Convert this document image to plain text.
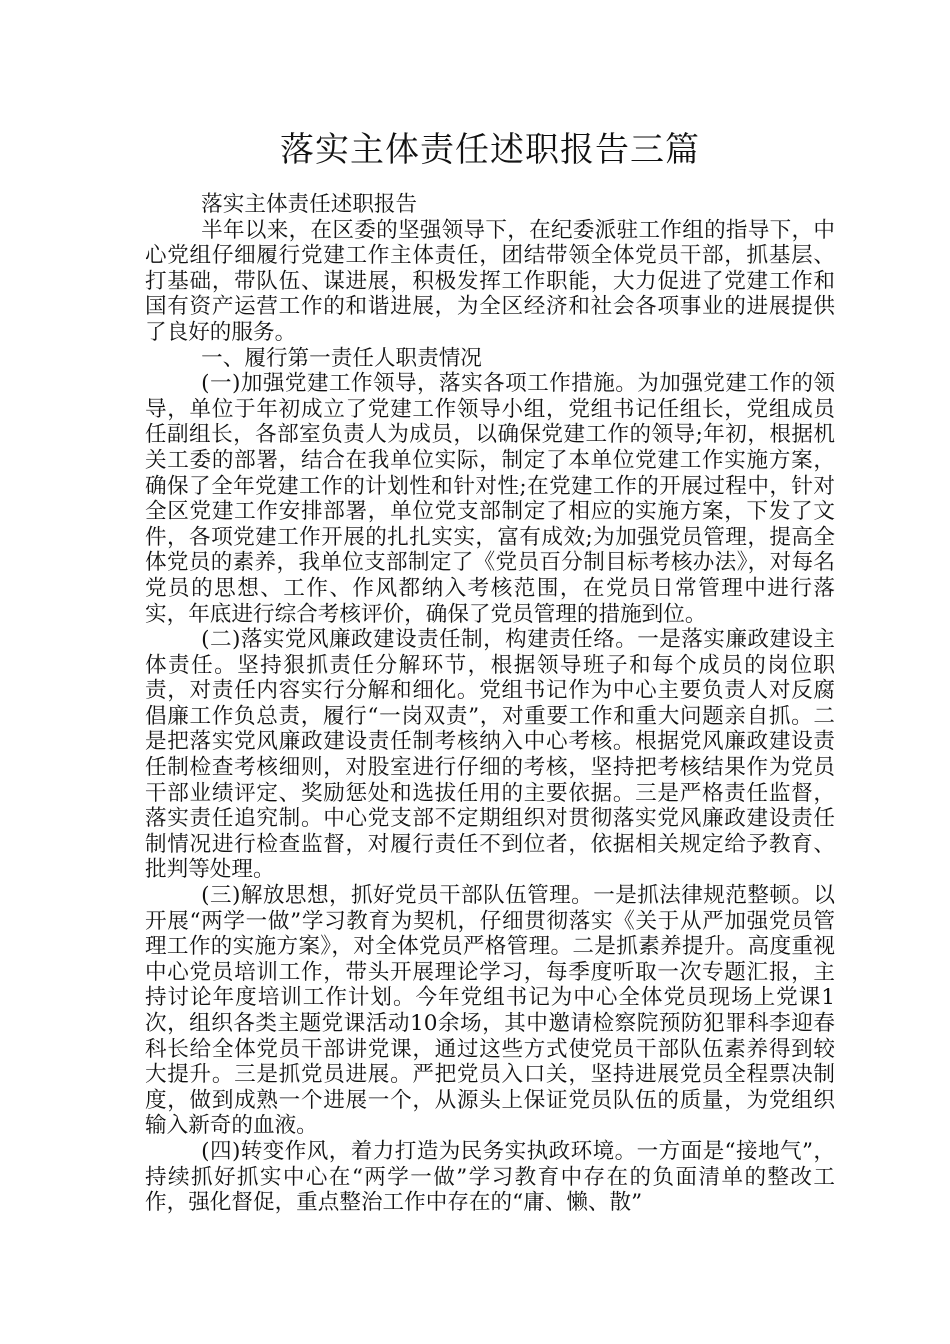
落实主体责任述职报告三篇

落实主体责任述职报告

半年以来，在区委的坚强领导下，在纪委派驻工作组的指导下，中心党组仔细履行党建工作主体责任，团结带领全体党员干部，抓基层、打基础，带队伍、谋进展，积极发挥工作职能，大力促进了党建工作和国有资产运营工作的和谐进展，为全区经济和社会各项事业的进展提供了良好的服务。

一、履行第一责任人职责情况

(一)加强党建工作领导，落实各项工作措施。为加强党建工作的领导，单位于年初成立了党建工作领导小组，党组书记任组长，党组成员任副组长，各部室负责人为成员，以确保党建工作的领导;年初，根据机关工委的部署，结合在我单位实际，制定了本单位党建工作实施方案，确保了全年党建工作的计划性和针对性;在党建工作的开展过程中，针对全区党建工作安排部署，单位党支部制定了相应的实施方案，下发了文件，各项党建工作开展的扎扎实实，富有成效;为加强党员管理，提高全体党员的素养，我单位支部制定了《党员百分制目标考核办法》，对每名党员的思想、工作、作风都纳入考核范围，在党员日常管理中进行落实，年底进行综合考核评价，确保了党员管理的措施到位。

(二)落实党风廉政建设责任制，构建责任络。一是落实廉政建设主体责任。坚持狠抓责任分解环节，根据领导班子和每个成员的岗位职责，对责任内容实行分解和细化。党组书记作为中心主要负责人对反腐倡廉工作负总责，履行“一岗双责”，对重要工作和重大问题亲自抓。二是把落实党风廉政建设责任制考核纳入中心考核。根据党风廉政建设责任制检查考核细则，对股室进行仔细的考核，坚持把考核结果作为党员干部业绩评定、奖励惩处和选拔任用的主要依据。三是严格责任监督，落实责任追究制。中心党支部不定期组织对贯彻落实党风廉政建设责任制情况进行检查监督，对履行责任不到位者，依据相关规定给予教育、批判等处理。

(三)解放思想，抓好党员干部队伍管理。一是抓法律规范整顿。以开展“两学一做”学习教育为契机，仔细贯彻落实《关于从严加强党员管理工作的实施方案》，对全体党员严格管理。二是抓素养提升。高度重视中心党员培训工作，带头开展理论学习，每季度听取一次专题汇报，主持讨论年度培训工作计划。今年党组书记为中心全体党员现场上党课1次，组织各类主题党课活动10余场，其中邀请检察院预防犯罪科李迎春科长给全体党员干部讲党课，通过这些方式使党员干部队伍素养得到较大提升。三是抓党员进展。严把党员入口关，坚持进展党员全程票决制度，做到成熟一个进展一个，从源头上保证党员队伍的质量，为党组织输入新奇的血液。

(四)转变作风，着力打造为民务实执政环境。一方面是“接地气”，持续抓好抓实中心在“两学一做”学习教育中存在的负面清单的整改工作，强化督促，重点整治工作中存在的“庸、懒、散”
